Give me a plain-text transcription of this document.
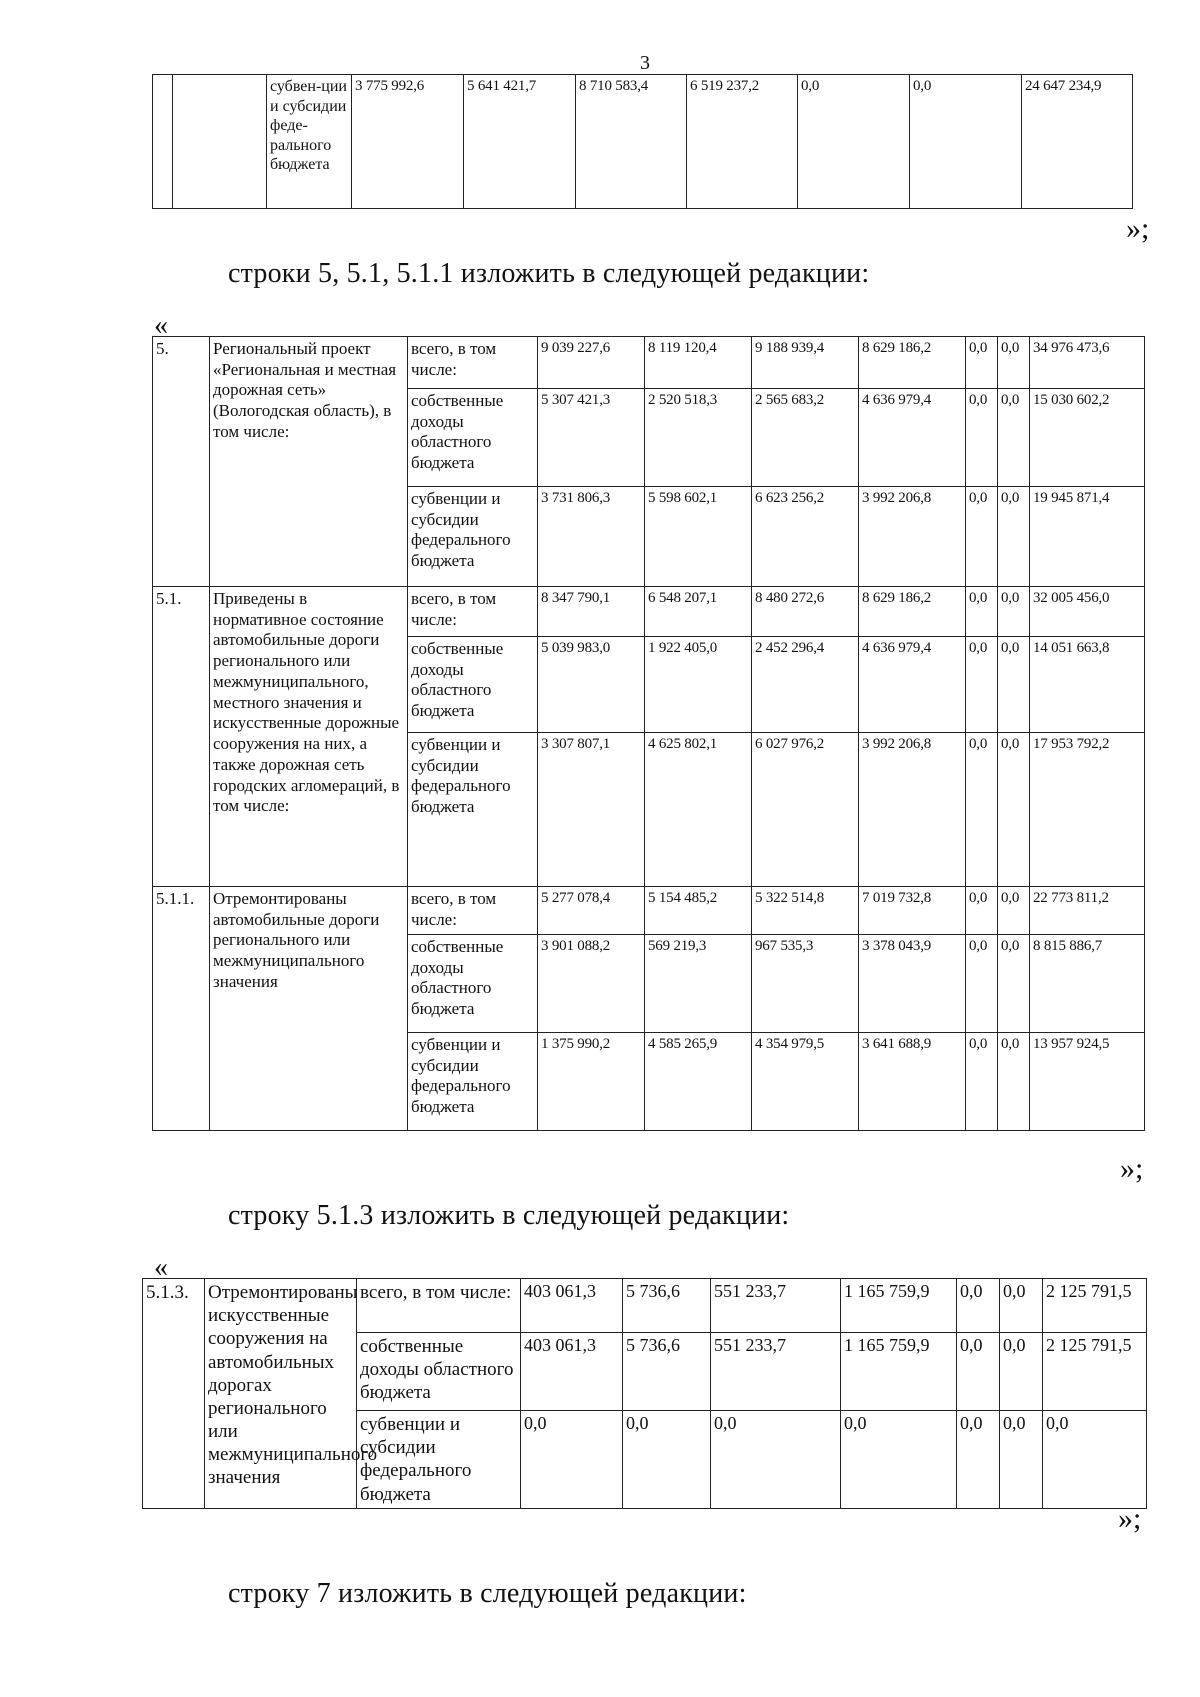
3
		субвен-ции и субсидии феде-рального бюджета	3 775 992,6	5 641 421,7	8 710 583,4	6 519 237,2	0,0	0,0	24 647 234,9
»;
строки 5, 5.1, 5.1.1 изложить в следующей редакции:
«
5.	Региональный проект «Региональная и местная дорожная сеть» (Вологодская область), в том числе:	всего, в том числе:	9 039 227,6	8 119 120,4	9 188 939,4	8 629 186,2	0,0	0,0	34 976 473,6
		собственные доходы областного бюджета	5 307 421,3	2 520 518,3	2 565 683,2	4 636 979,4	0,0	0,0	15 030 602,2
		субвенции и субсидии федерального бюджета	3 731 806,3	5 598 602,1	6 623 256,2	3 992 206,8	0,0	0,0	19 945 871,4
5.1.	Приведены в нормативное состояние автомобильные дороги регионального или межмуниципального, местного значения и искусственные дорожные сооружения на них, а также дорожная сеть городских агломераций, в том числе:	всего, в том числе:	8 347 790,1	6 548 207,1	8 480 272,6	8 629 186,2	0,0	0,0	32 005 456,0
		собственные доходы областного бюджета	5 039 983,0	1 922 405,0	2 452 296,4	4 636 979,4	0,0	0,0	14 051 663,8
		субвенции и субсидии федерального бюджета	3 307 807,1	4 625 802,1	6 027 976,2	3 992 206,8	0,0	0,0	17 953 792,2
5.1.1.	Отремонтированы автомобильные дороги регионального или межмуниципального значения	всего, в том числе:	5 277 078,4	5 154 485,2	5 322 514,8	7 019 732,8	0,0	0,0	22 773 811,2
		собственные доходы областного бюджета	3 901 088,2	569 219,3	967 535,3	3 378 043,9	0,0	0,0	8 815 886,7
		субвенции и субсидии федерального бюджета	1 375 990,2	4 585 265,9	4 354 979,5	3 641 688,9	0,0	0,0	13 957 924,5
»;
строку 5.1.3 изложить в следующей редакции:
«
5.1.3.	Отремонтированы искусственные сооружения на автомобильных дорогах регионального или межмуниципального значения	всего, в том числе:	403 061,3	5 736,6	551 233,7	1 165 759,9	0,0	0,0	2 125 791,5
		собственные доходы областного бюджета	403 061,3	5 736,6	551 233,7	1 165 759,9	0,0	0,0	2 125 791,5
		субвенции и субсидии федерального бюджета	0,0	0,0	0,0	0,0	0,0	0,0	0,0
»;
строку 7 изложить в следующей редакции:
